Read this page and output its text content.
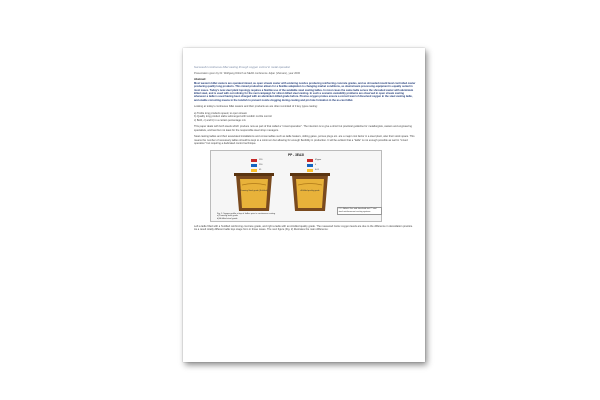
Successful continuous billet casting through oxygen control in metal operation

Presentation given by Dr. Wolfgang Dittrich at SEAD conference Juljan (Vietnam), year 2000

Abstract:

Most western billet casters are operated mixed, as open stream caster with endering nozzles producing reinforcing concrete grades, and as shrouded mould level controlled caster producing quality long products. This mixed production allows for a flexible adaptation to changing market conditions, as downstream processing equipment is equally suited in most cases. Today's new steel plant topology requires a flexible use of the available steel casting ladles. In most cases the same ladle serves the shrouded caster with aluminium killed steel, and is used with out relining for the next campaign for silicon killed steel casting. In such a scenario castability problems are observed in open stream casting whenever a ladle is used having been charged with an aluminium killed grade before. Precise oxygen probes ensure a correct level of dissolved oxygen in the steel casting ladle, and enable correcting means in the tundish to prevent nozzle clogging during casting and pin hole formation in the as-cast billet.

Looking at today's continuous billet casters and their products we are often reminded of 3 key types casting:

a) Treble long products speed, to open stream

b) Quality long product slabs submerged with tundish nozzle control

c) Both, c) and b) in a certain percentage mix

This paper deals with both steels which produce now as part of that called a "mixed operation". The intention is to give a short but practical guideline for metallurgists, casters and engineering specialists, and last but not least for the responsible steel shop managers.

Steel casting ladles and their associated installations and consumables such as ladle heaters, sliding gates, porous plugs etc. are a major cost factor in a steel plant, also their stock space. This means the number of necessary ladles should be kept to a minimum but allowing for enough flexibility in production. It will be evident that a "ladle" is not enough possible as well in "mixed operation" but requiring a dedicated control technique.

PP - 3EA3I
120
250
45
65ppm
4
0.01
Forming Steel grade (Si-killed)	Al-killed quality grade
Fig. 1 Oxygen profile at top of ladles prior to continuous casting
a) Forming steel grade
b) Al-killed steel grade
CO - Arbeit: Gas and dissolved stat 2" total steel reinforcement casting systems

Left a ladle filled with a Si-killed reinforcing concrete grade, and right a ladle with an Al-killed quality grade. The measured Celox oxygen levels are due to the difference in deoxidation practice. As a result totally different ladle lays stage form in those cases. The next figure (Fig. 2) illustrates the main difference:
